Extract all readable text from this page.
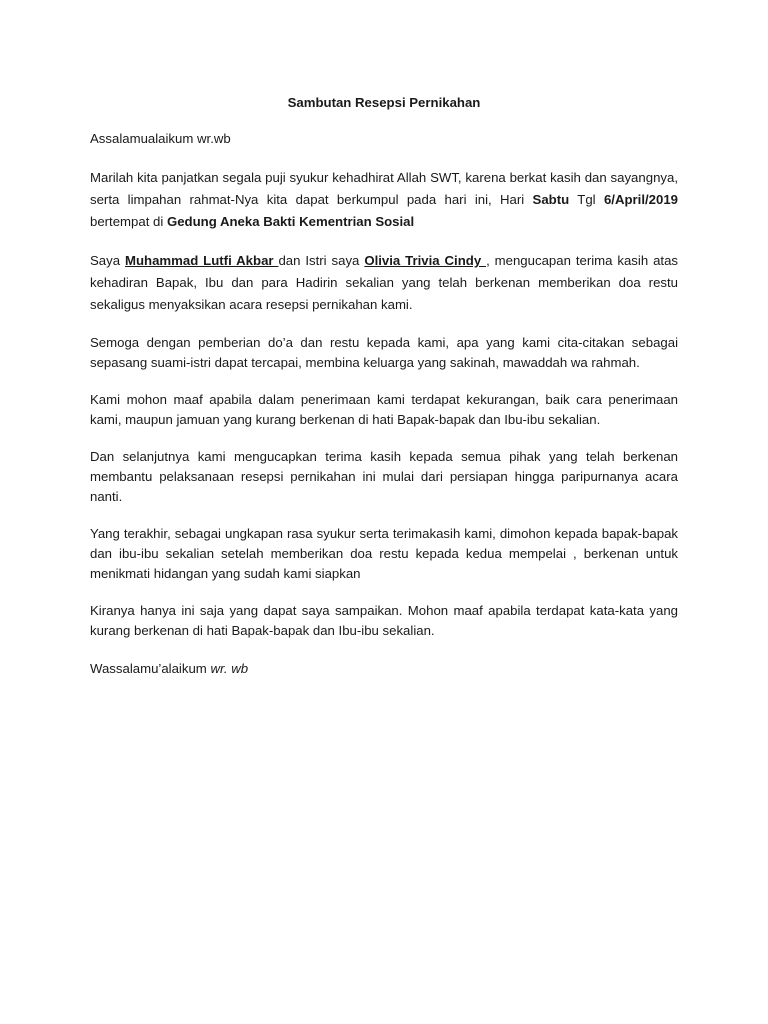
Sambutan Resepsi Pernikahan

Assalamualaikum wr.wb

Marilah kita panjatkan segala puji syukur kehadhirat Allah SWT, karena berkat kasih dan sayangnya, serta limpahan rahmat-Nya kita dapat berkumpul pada hari ini, Hari Sabtu Tgl 6/April/2019 bertempat di Gedung Aneka Bakti Kementrian Sosial

Saya Muhammad Lutfi Akbar dan Istri saya Olivia Trivia Cindy , mengucapan terima kasih atas kehadiran Bapak, Ibu dan para Hadirin sekalian yang telah berkenan memberikan doa restu sekaligus menyaksikan acara resepsi pernikahan kami.

Semoga dengan pemberian do’a dan restu kepada kami, apa yang kami cita-citakan sebagai sepasang suami-istri dapat tercapai, membina keluarga yang sakinah, mawaddah wa rahmah.

Kami mohon maaf apabila dalam penerimaan kami terdapat kekurangan, baik cara penerimaan kami, maupun jamuan yang kurang berkenan di hati Bapak-bapak dan Ibu-ibu sekalian.

Dan selanjutnya kami mengucapkan terima kasih kepada semua pihak yang telah berkenan membantu pelaksanaan resepsi pernikahan ini mulai dari persiapan hingga paripurnanya acara nanti.

Yang terakhir, sebagai ungkapan rasa syukur serta terimakasih kami, dimohon kepada bapak-bapak dan ibu-ibu sekalian setelah memberikan doa restu kepada kedua mempelai , berkenan untuk menikmati hidangan yang sudah kami siapkan

Kiranya hanya ini saja yang dapat saya sampaikan. Mohon maaf apabila terdapat kata-kata yang kurang berkenan di hati Bapak-bapak dan Ibu-ibu sekalian.

Wassalamu’alaikum wr. wb
